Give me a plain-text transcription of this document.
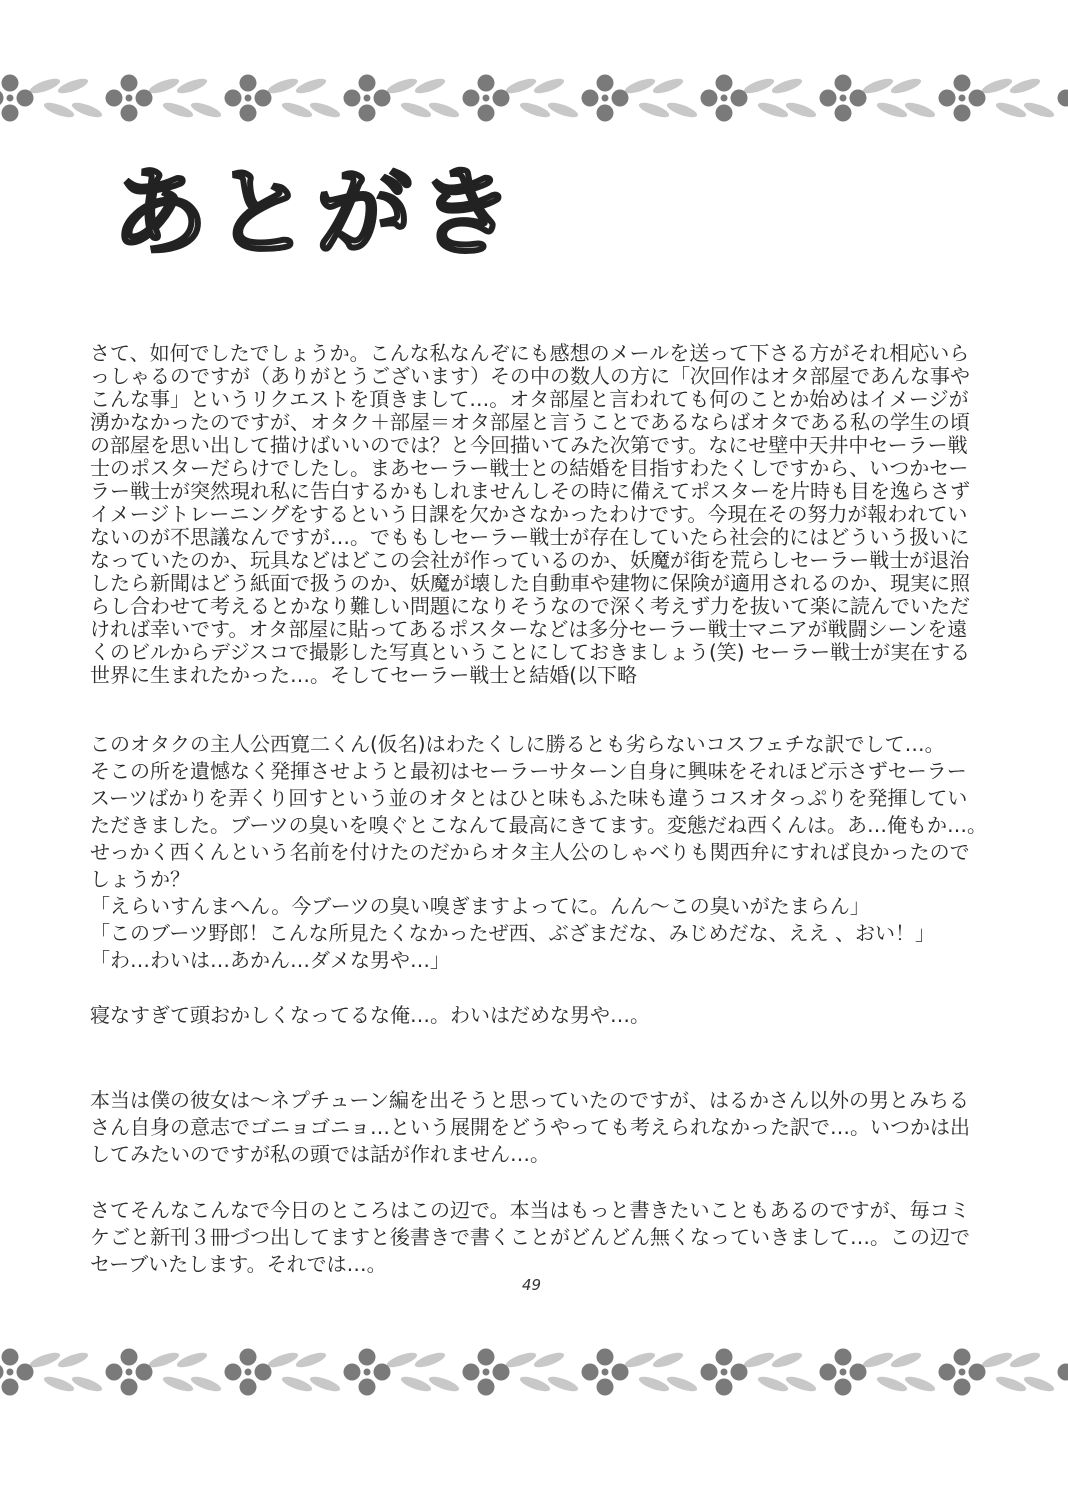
あとがき
さて、如何でしたでしょうか。こんな私なんぞにも感想のメールを送って下さる方がそれ相応いら
っしゃるのですが（ありがとうございます）その中の数人の方に「次回作はオタ部屋であんな事や
こんな事」というリクエストを頂きまして…。オタ部屋と言われても何のことか始めはイメージが
湧かなかったのですが、オタク＋部屋＝オタ部屋と言うことであるならばオタである私の学生の頃
の部屋を思い出して描けばいいのでは？と今回描いてみた次第です。なにせ壁中天井中セーラー戦
士のポスターだらけでしたし。まあセーラー戦士との結婚を目指すわたくしですから、いつかセー
ラー戦士が突然現れ私に告白するかもしれませんしその時に備えてポスターを片時も目を逸らさず
イメージトレーニングをするという日課を欠かさなかったわけです。今現在その努力が報われてい
ないのが不思議なんですが…。でももしセーラー戦士が存在していたら社会的にはどういう扱いに
なっていたのか、玩具などはどこの会社が作っているのか、妖魔が街を荒らしセーラー戦士が退治
したら新聞はどう紙面で扱うのか、妖魔が壊した自動車や建物に保険が適用されるのか、現実に照
らし合わせて考えるとかなり難しい問題になりそうなので深く考えず力を抜いて楽に読んでいただ
ければ幸いです。オタ部屋に貼ってあるポスターなどは多分セーラー戦士マニアが戦闘シーンを遠
くのビルからデジスコで撮影した写真ということにしておきましょう(笑) セーラー戦士が実在する
世界に生まれたかった…。そしてセーラー戦士と結婚(以下略
このオタクの主人公西寛二くん(仮名)はわたくしに勝るとも劣らないコスフェチな訳でして…。
そこの所を遺憾なく発揮させようと最初はセーラーサターン自身に興味をそれほど示さずセーラー
スーツばかりを弄くり回すという並のオタとはひと味もふた味も違うコスオタっぷりを発揮してい
ただきました。ブーツの臭いを嗅ぐとこなんて最高にきてます。変態だね西くんは。あ…俺もか…。
せっかく西くんという名前を付けたのだからオタ主人公のしゃべりも関西弁にすれば良かったので
しょうか？
「えらいすんまへん。今ブーツの臭い嗅ぎますよってに。んん～この臭いがたまらん」
「このブーツ野郎！こんな所見たくなかったぜ西、ぶざまだな、みじめだな、ええ 、おい！」
「わ…わいは…あかん…ダメな男や…」
寝なすぎて頭おかしくなってるな俺…。わいはだめな男や…。
本当は僕の彼女は～ネプチューン編を出そうと思っていたのですが、はるかさん以外の男とみちる
さん自身の意志でゴニョゴニョ…という展開をどうやっても考えられなかった訳で…。いつかは出
してみたいのですが私の頭では話が作れません…。
さてそんなこんなで今日のところはこの辺で。本当はもっと書きたいこともあるのですが、毎コミ
ケごと新刊３冊づつ出してますと後書きで書くことがどんどん無くなっていきまして…。この辺で
セーブいたします。それでは…。
49
